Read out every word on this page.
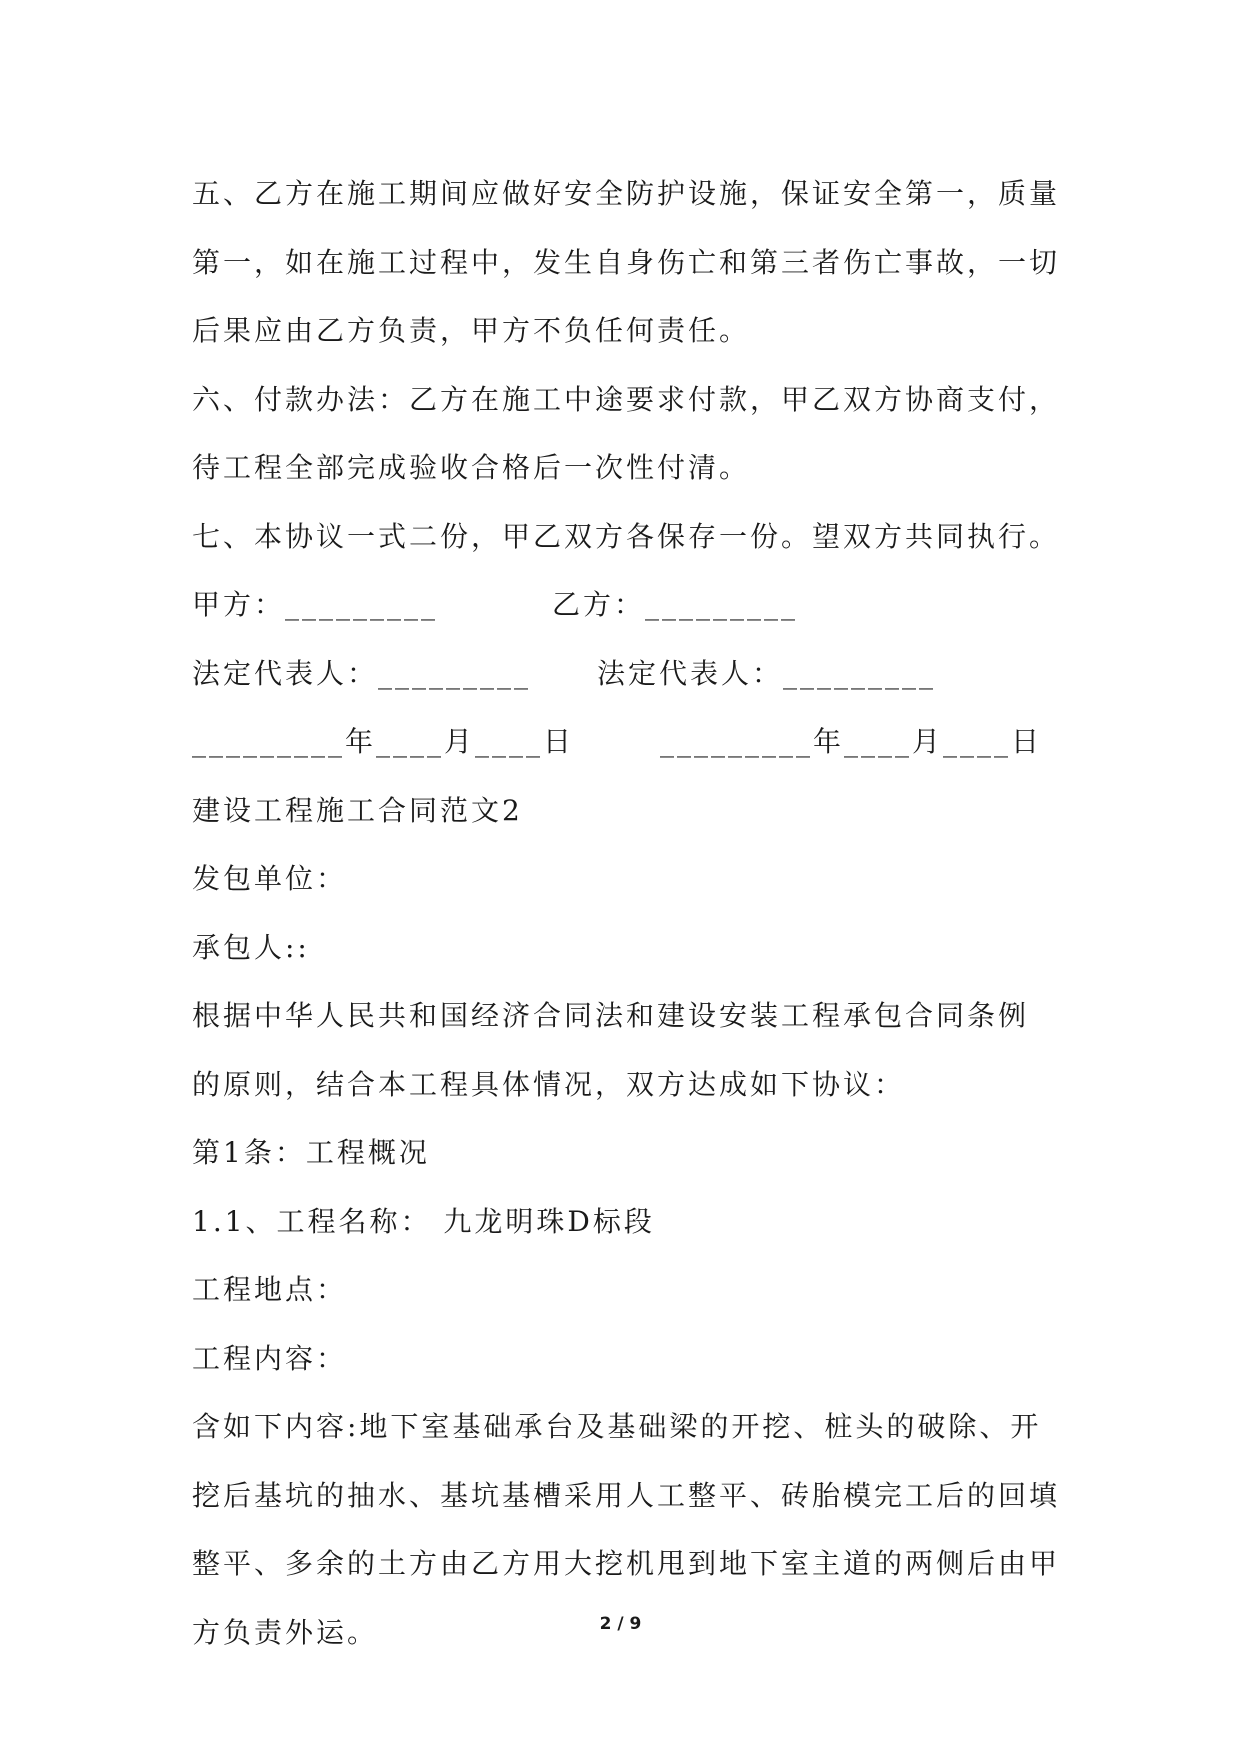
五、乙方在施工期间应做好安全防护设施，保证安全第一，质量
第一，如在施工过程中，发生自身伤亡和第三者伤亡事故，一切
后果应由乙方负责，甲方不负任何责任。
六、付款办法：乙方在施工中途要求付款，甲乙双方协商支付，
待工程全部完成验收合格后一次性付清。
七、本协议一式二份，甲乙双方各保存一份。望双方共同执行。
甲方：_________	乙方：_________
法定代表人：_________ 法定代表人：_________
_________年____月____日	_________年____月____日
建设工程施工合同范文2
发包单位：
承包人::
根据中华人民共和国经济合同法和建设安装工程承包合同条例
的原则，结合本工程具体情况，双方达成如下协议：
第1条：工程概况
1.1、工程名称： 九龙明珠D标段
工程地点：
工程内容：
含如下内容:地下室基础承台及基础梁的开挖、桩头的破除、开
挖后基坑的抽水、基坑基槽采用人工整平、砖胎模完工后的回填
整平、多余的土方由乙方用大挖机甩到地下室主道的两侧后由甲
方负责外运。	2 / 9
